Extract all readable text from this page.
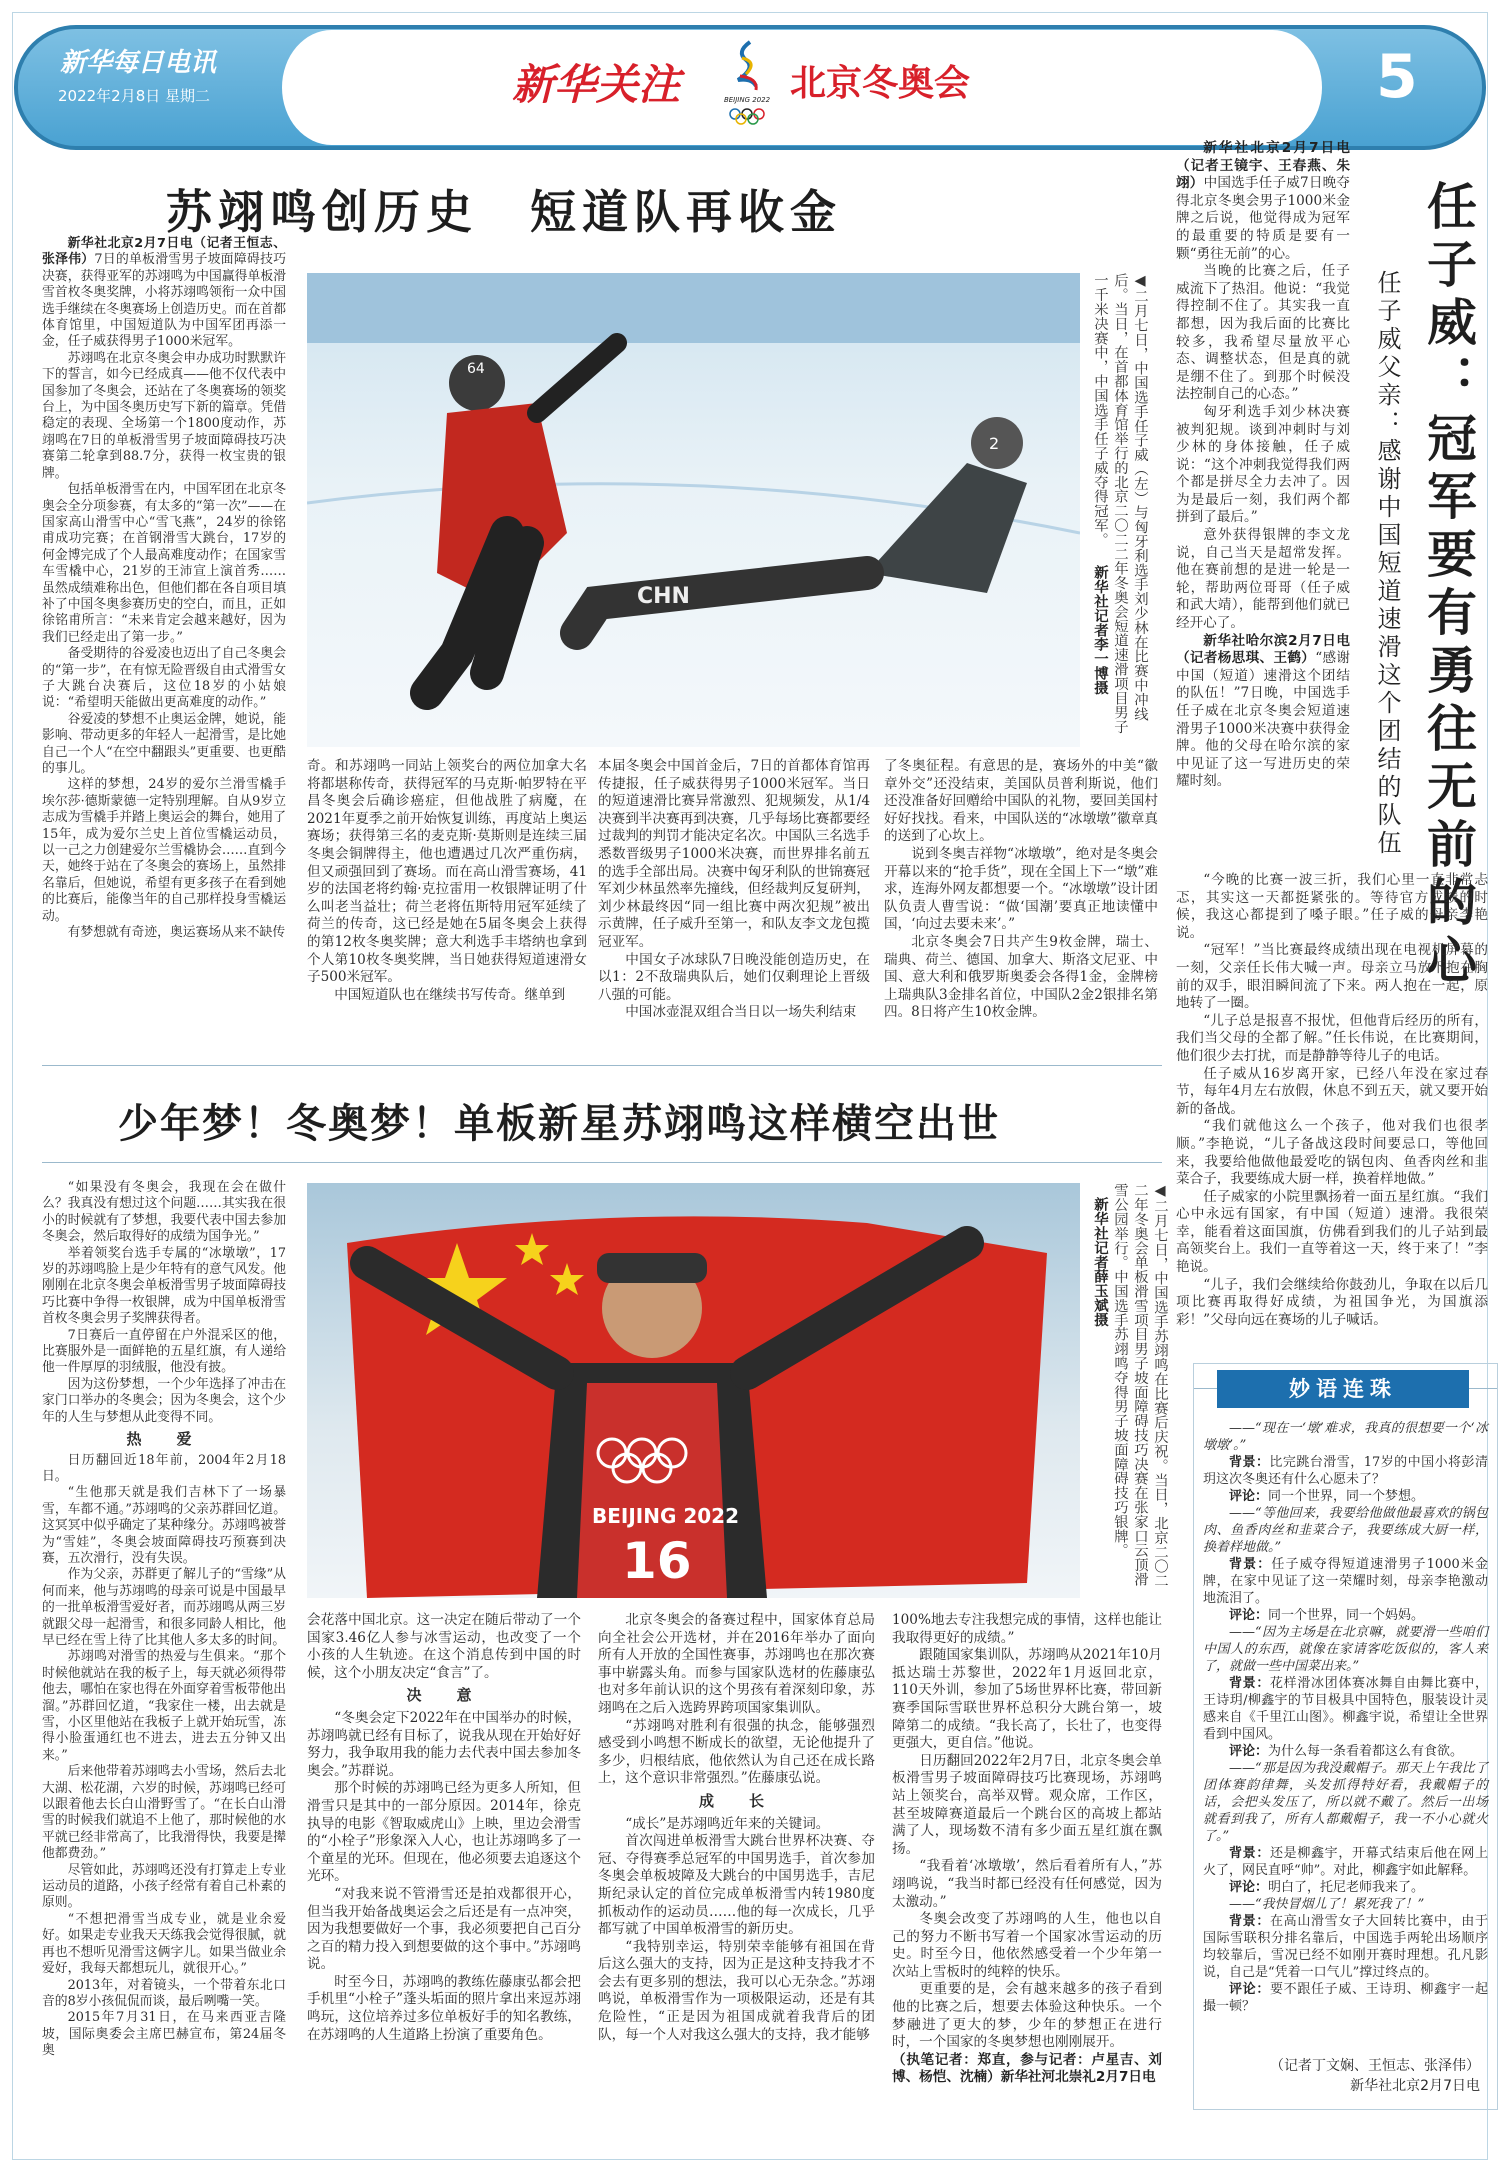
新华每日电讯
2022年2月8日 星期二	新华关注	BEIJING 2022 北京冬奥会	5
苏翊鸣创历史　短道队再收金

新华社北京2月7日电（记者王恒志、张泽伟）7日的单板滑雪男子坡面障碍技巧决赛，获得亚军的苏翊鸣为中国赢得单板滑雪首枚冬奥奖牌，小将苏翊鸣领衔一众中国选手继续在冬奥赛场上创造历史。而在首都体育馆里，中国短道队为中国军团再添一金，任子威获得男子1000米冠军。

苏翊鸣在北京冬奥会申办成功时默默许下的誓言，如今已经成真——他不仅代表中国参加了冬奥会，还站在了冬奥赛场的领奖台上，为中国冬奥历史写下新的篇章。凭借稳定的表现、全场第一个1800度动作，苏翊鸣在7日的单板滑雪男子坡面障碍技巧决赛第二轮拿到88.7分，获得一枚宝贵的银牌。

包括单板滑雪在内，中国军团在北京冬奥会全分项参赛，有太多的“第一次”——在国家高山滑雪中心“雪飞燕”，24岁的徐铭甫成功完赛；在首钢滑雪大跳台，17岁的何金博完成了个人最高难度动作；在国家雪车雪橇中心，21岁的王沛宣上演首秀……虽然成绩难称出色，但他们都在各自项目填补了中国冬奥参赛历史的空白，而且，正如徐铭甫所言：“未来肯定会越来越好，因为我们已经走出了第一步。”

备受期待的谷爱凌也迈出了自己冬奥会的“第一步”，在有惊无险晋级自由式滑雪女子大跳台决赛后，这位18岁的小姑娘说：“希望明天能做出更高难度的动作。”

谷爱凌的梦想不止奥运金牌，她说，能影响、带动更多的年轻人一起滑雪，是比她自己一个人“在空中翻跟头”更重要、也更酷的事儿。

这样的梦想，24岁的爱尔兰滑雪橇手埃尔莎·德斯蒙德一定特别理解。自从9岁立志成为雪橇手并踏上奥运会的舞台，她用了15年，成为爱尔兰史上首位雪橇运动员，以一己之力创建爱尔兰雪橇协会……直到今天，她终于站在了冬奥会的赛场上，虽然排名靠后，但她说，希望有更多孩子在看到她的比赛后，能像当年的自己那样投身雪橇运动。

有梦想就有奇迹，奥运赛场从来不缺传

64
2
CHN	◀二月七日，中国选手任子威（左）与匈牙利选手刘少林在比赛中冲线后。当日，在首都体育馆举行的北京二〇二二年冬奥会短道速滑项目男子一千米决赛中，中国选手任子威夺得冠军。 新华社记者李一博摄

奇。和苏翊鸣一同站上领奖台的两位加拿大名将都堪称传奇，获得冠军的马克斯·帕罗特在平昌冬奥会后确诊癌症，但他战胜了病魔，在2021年夏季之前开始恢复训练，再度站上奥运赛场；获得第三名的麦克斯·莫斯则是连续三届冬奥会铜牌得主，他也遭遇过几次严重伤病，但又顽强回到了赛场。而在高山滑雪赛场，41岁的法国老将约翰·克拉雷用一枚银牌证明了什么叫老当益壮；荷兰老将伍斯特用冠军延续了荷兰的传奇，这已经是她在5届冬奥会上获得的第12枚冬奥奖牌；意大利选手丰塔纳也拿到个人第10枚冬奥奖牌，当日她获得短道速滑女子500米冠军。

中国短道队也在继续书写传奇。继单到

本届冬奥会中国首金后，7日的首都体育馆再传捷报，任子威获得男子1000米冠军。当日的短道速滑比赛异常激烈、犯规频发，从1/4决赛到半决赛再到决赛，几乎每场比赛都要经过裁判的判罚才能决定名次。中国队三名选手悉数晋级男子1000米决赛，而世界排名前五的选手全部出局。决赛中匈牙利队的世锦赛冠军刘少林虽然率先撞线，但经裁判反复研判，刘少林最终因“同一组比赛中两次犯规”被出示黄牌，任子威升至第一，和队友李文龙包揽冠亚军。

中国女子冰球队7日晚没能创造历史，在以1：2不敌瑞典队后，她们仅剩理论上晋级八强的可能。

中国冰壶混双组合当日以一场失利结束

了冬奥征程。有意思的是，赛场外的中美“徽章外交”还没结束，美国队员普利斯说，他们还没准备好回赠给中国队的礼物，要回美国村好好找找。看来，中国队送的“冰墩墩”徽章真的送到了心坎上。

说到冬奥吉祥物“冰墩墩”，绝对是冬奥会开幕以来的“抢手货”，现在全国上下一“墩”难求，连海外网友都想要一个。“冰墩墩”设计团队负责人曹雪说：“做‘国潮’要真正地读懂中国，‘向过去要未来’。”

北京冬奥会7日共产生9枚金牌，瑞士、瑞典、荷兰、德国、加拿大、斯洛文尼亚、中国、意大利和俄罗斯奥委会各得1金，金牌榜上瑞典队3金排名首位，中国队2金2银排名第四。8日将产生10枚金牌。

新华社北京2月7日电（记者王镜宇、王春燕、朱翊）中国选手任子威7日晚夺得北京冬奥会男子1000米金牌之后说，他觉得成为冠军的最重要的特质是要有一颗“勇往无前”的心。

当晚的比赛之后，任子威流下了热泪。他说：“我觉得控制不住了。其实我一直都想，因为我后面的比赛比较多，我希望尽量放平心态、调整状态，但是真的就是绷不住了。到那个时候没法控制自己的心态。”

匈牙利选手刘少林决赛被判犯规。谈到冲刺时与刘少林的身体接触，任子威说：“这个冲刺我觉得我们两个都是拼尽全力去冲了。因为是最后一刻，我们两个都拼到了最后。”

意外获得银牌的李文龙说，自己当天是超常发挥。他在赛前想的是进一轮是一轮，帮助两位哥哥（任子威和武大靖），能帮到他们就已经开心了。

新华社哈尔滨2月7日电（记者杨思琪、王鹤）“感谢中国（短道）速滑这个团结的队伍！”7日晚，中国选手任子威在北京冬奥会短道速滑男子1000米决赛中获得金牌。他的父母在哈尔滨的家中见证了这一写进历史的荣耀时刻。	任子威：冠军要有勇往无前的心
任子威父亲：感谢中国短道速滑这个团结的队伍

“今晚的比赛一波三折，我们心里一直非常忐忑，其实这一天都挺紧张的。等待官方成绩的时候，我这心都提到了嗓子眼。”任子威的母亲李艳说。

“冠军！”当比赛最终成绩出现在电视机屏幕的一刻，父亲任长伟大喊一声。母亲立马放下抱在胸前的双手，眼泪瞬间流了下来。两人抱在一起，原地转了一圈。

“儿子总是报喜不报忧，但他背后经历的所有，我们当父母的全都了解。”任长伟说，在比赛期间，他们很少去打扰，而是静静等待儿子的电话。

任子威从16岁离开家，已经八年没在家过春节，每年4月左右放假，休息不到五天，就又要开始新的备战。

“我们就他这么一个孩子，他对我们也很孝顺。”李艳说，“儿子备战这段时间要忌口，等他回来，我要给他做他最爱吃的锅包肉、鱼香肉丝和韭菜合子，我要练成大厨一样，换着样地做。”

任子威家的小院里飘扬着一面五星红旗。“我们心中永远有国家，有中国（短道）速滑。我很荣幸，能看着这面国旗，仿佛看到我们的儿子站到最高领奖台上。我们一直等着这一天，终于来了！”李艳说。

“儿子，我们会继续给你鼓劲儿，争取在以后几项比赛再取得好成绩，为祖国争光，为国旗添彩！”父母向远在赛场的儿子喊话。

少年梦！冬奥梦！单板新星苏翊鸣这样横空出世

“如果没有冬奥会，我现在会在做什么？我真没有想过这个问题……其实我在很小的时候就有了梦想，我要代表中国去参加冬奥会，然后取得好的成绩为国争光。”

举着领奖台选手专属的“冰墩墩”，17岁的苏翊鸣脸上是少年特有的意气风发。他刚刚在北京冬奥会单板滑雪男子坡面障碍技巧比赛中争得一枚银牌，成为中国单板滑雪首枚冬奥会男子奖牌获得者。

7日赛后一直停留在户外混采区的他，比赛服外是一面鲜艳的五星红旗，有人递给他一件厚厚的羽绒服，他没有披。

因为这份梦想，一个少年选择了冲击在家门口举办的冬奥会；因为冬奥会，这个少年的人生与梦想从此变得不同。

热　爱

日历翻回近18年前，2004年2月18日。

“生他那天就是我们吉林下了一场暴雪，车都不通。”苏翊鸣的父亲苏群回忆道。这冥冥中似乎确定了某种缘分。苏翊鸣被誉为“雪娃”，冬奥会坡面障碍技巧预赛到决赛，五次滑行，没有失误。

作为父亲，苏群更了解儿子的“雪缘”从何而来，他与苏翊鸣的母亲可说是中国最早的一批单板滑雪爱好者，而苏翊鸣从两三岁就跟父母一起滑雪，和很多同龄人相比，他早已经在雪上待了比其他人多太多的时间。

苏翊鸣对滑雪的热爱与生俱来。“那个时候他就站在我的板子上，每天就必须得带他去，哪怕在家也得在外面穿着雪板带他出溜。”苏群回忆道，“我家住一楼，出去就是雪，小区里他站在我板子上就开始玩雪，冻得小脸蛋通红也不进去，进去五分钟又出来。”

后来他带着苏翊鸣去小雪场，然后去北大湖、松花湖，六岁的时候，苏翊鸣已经可以跟着他去长白山滑野雪了。“在长白山滑雪的时候我们就追不上他了，那时候他的水平就已经非常高了，比我滑得快，我要是撵他都费劲。”

尽管如此，苏翊鸣还没有打算走上专业运动员的道路，小孩子经常有着自己朴素的原则。

“不想把滑雪当成专业，就是业余爱好。如果走专业我天天练我会觉得很腻，就再也不想听见滑雪这俩字儿。如果当做业余爱好，我每天都想玩儿，就很开心。”

2013年，对着镜头，一个带着东北口音的8岁小孩侃侃而谈，最后咧嘴一笑。

2015年7月31日，在马来西亚吉隆坡，国际奥委会主席巴赫宣布，第24届冬奥

BEIJING 2022
16	◀二月七日，中国选手苏翊鸣在比赛后庆祝。当日，北京二〇二二年冬奥会单板滑雪项目男子坡面障碍技巧决赛在张家口云顶滑雪公园举行。中国选手苏翊鸣夺得男子坡面障碍技巧银牌。 新华社记者薛玉斌摄

会花落中国北京。这一决定在随后带动了一个国家3.46亿人参与冰雪运动，也改变了一个小孩的人生轨迹。在这个消息传到中国的时候，这个小朋友决定“食言”了。

决　意

“冬奥会定下2022年在中国举办的时候，苏翊鸣就已经有目标了，说我从现在开始好好努力，我争取用我的能力去代表中国去参加冬奥会。”苏群说。

那个时候的苏翊鸣已经为更多人所知，但滑雪只是其中的一部分原因。2014年，徐克执导的电影《智取威虎山》上映，里边会滑雪的“小栓子”形象深入人心，也让苏翊鸣多了一个童星的光环。但现在，他必须要去追逐这个光环。

“对我来说不管滑雪还是拍戏都很开心，但当我开始备战奥运会之后还是有一点冲突，因为我想要做好一个事，我必须要把自己百分之百的精力投入到想要做的这个事中。”苏翊鸣说。

时至今日，苏翊鸣的教练佐藤康弘都会把手机里“小栓子”蓬头垢面的照片拿出来逗苏翊鸣玩，这位培养过多位单板好手的知名教练，在苏翊鸣的人生道路上扮演了重要角色。

北京冬奥会的备赛过程中，国家体育总局向全社会公开选材，并在2016年举办了面向所有人开放的全国性赛事，苏翊鸣也在那次赛事中崭露头角。而参与国家队选材的佐藤康弘也对多年前认识的这个男孩有着深刻印象，苏翊鸣在之后入选跨界跨项国家集训队。

“苏翊鸣对胜利有很强的执念，能够强烈感受到小鸣想不断成长的欲望，无论他提升了多少，归根结底，他依然认为自己还在成长路上，这个意识非常强烈。”佐藤康弘说。

成　长

“成长”是苏翊鸣近年来的关键词。

首次闯进单板滑雪大跳台世界杯决赛、夺冠、夺得赛季总冠军的中国男选手，首次参加冬奥会单板坡障及大跳台的中国男选手，吉尼斯纪录认定的首位完成单板滑雪内转1980度抓板动作的运动员……他的每一次成长，几乎都写就了中国单板滑雪的新历史。

“我特别幸运，特别荣幸能够有祖国在背后这么强大的支持，因为正是这种支持我才不会去有更多别的想法，我可以心无杂念。”苏翊鸣说，单板滑雪作为一项极限运动，还是有其危险性，“正是因为祖国成就着我背后的团队，每一个人对我这么强大的支持，我才能够

100%地去专注我想完成的事情，这样也能让我取得更好的成绩。”

跟随国家集训队，苏翊鸣从2021年10月抵达瑞士苏黎世，2022年1月返回北京，110天外训，参加了5场世界杯比赛，带回新赛季国际雪联世界杯总积分大跳台第一，坡障第二的成绩。“我长高了，长壮了，也变得更强大，更自信。”他说。

日历翻回2022年2月7日，北京冬奥会单板滑雪男子坡面障碍技巧比赛现场，苏翊鸣站上领奖台，高举双臂。观众席，工作区，甚至坡障赛道最后一个跳台区的高坡上都站满了人，现场数不清有多少面五星红旗在飘扬。

“我看着‘冰墩墩’，然后看着所有人，”苏翊鸣说，“我当时都已经没有任何感觉，因为太激动。”

冬奥会改变了苏翊鸣的人生，他也以自己的努力不断书写着一个国家冰雪运动的历史。时至今日，他依然感受着一个少年第一次站上雪板时的纯粹的快乐。

更重要的是，会有越来越多的孩子看到他的比赛之后，想要去体验这种快乐。一个梦融进了更大的梦，少年的梦想正在进行时，一个国家的冬奥梦想也刚刚展开。

（执笔记者：郑直，参与记者：卢星吉、刘博、杨恺、沈楠）新华社河北崇礼2月7日电

妙语连珠

——“现在一‘墩’难求，我真的很想要一个‘冰墩墩’。”

背景：比完跳台滑雪，17岁的中国小将彭清玥这次冬奥还有什么心愿未了？

评论：同一个世界，同一个梦想。

——“等他回来，我要给他做他最喜欢的锅包肉、鱼香肉丝和韭菜合子，我要练成大厨一样，换着样地做。”

背景：任子威夺得短道速滑男子1000米金牌，在家中见证了这一荣耀时刻，母亲李艳激动地流泪了。

评论：同一个世界，同一个妈妈。

——“因为主场是在北京嘛，就要滑一些咱们中国人的东西，就像在家请客吃饭似的，客人来了，就做一些中国菜出来。”

背景：花样滑冰团体赛冰舞自由舞比赛中，王诗玥/柳鑫宇的节目极具中国特色，服装设计灵感来自《千里江山图》。柳鑫宇说，希望让全世界看到中国风。

评论：为什么每一条看着都这么有食欲。

——“那是因为我没戴帽子。那天上午我比了团体赛韵律舞，头发抓得特好看，我戴帽子的话，会把头发压了，所以就不戴了。然后一出场就看到我了，所有人都戴帽子，我一不小心就火了。”

背景：还是柳鑫宇，开幕式结束后他在网上火了，网民直呼“帅”。对此，柳鑫宇如此解释。

评论：明白了，托尼老师我来了。

——“我快冒烟儿了！累死我了！”

背景：在高山滑雪女子大回转比赛中，由于国际雪联积分排名靠后，中国选手两轮出场顺序均较靠后，雪况已经不如刚开赛时理想。孔凡影说，自己是“凭着一口气儿”撑过终点的。

评论：要不跟任子威、王诗玥、柳鑫宇一起撮一顿？

（记者丁文娴、王恒志、张泽伟）
新华社北京2月7日电
